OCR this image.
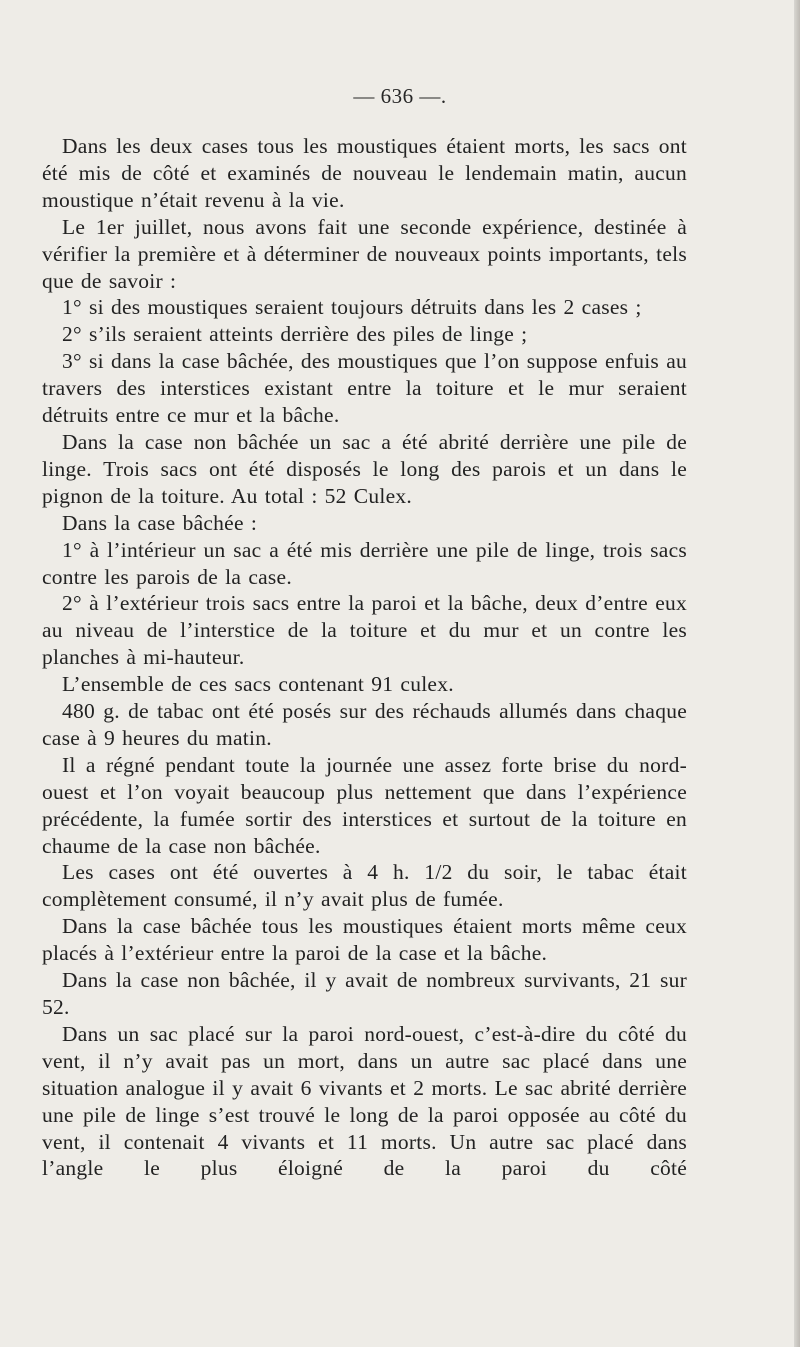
— 636 —.

Dans les deux cases tous les moustiques étaient morts, les sacs ont été mis de côté et examinés de nouveau le lendemain matin, aucun moustique n’était revenu à la vie.

Le 1er juillet, nous avons fait une seconde expérience, destinée à vérifier la première et à déterminer de nouveaux points importants, tels que de savoir :

1° si des moustiques seraient toujours détruits dans les 2 cases ;

2° s’ils seraient atteints derrière des piles de linge ;

3° si dans la case bâchée, des moustiques que l’on suppose enfuis au travers des interstices existant entre la toiture et le mur seraient détruits entre ce mur et la bâche.

Dans la case non bâchée un sac a été abrité derrière une pile de linge. Trois sacs ont été disposés le long des parois et un dans le pignon de la toiture. Au total : 52 Culex.

Dans la case bâchée :

1° à l’intérieur un sac a été mis derrière une pile de linge, trois sacs contre les parois de la case.

2° à l’extérieur trois sacs entre la paroi et la bâche, deux d’entre eux au niveau de l’interstice de la toiture et du mur et un contre les planches à mi-hauteur.

L’ensemble de ces sacs contenant 91 culex.

480 g. de tabac ont été posés sur des réchauds allumés dans chaque case à 9 heures du matin.

Il a régné pendant toute la journée une assez forte brise du nord-ouest et l’on voyait beaucoup plus nettement que dans l’expérience précédente, la fumée sortir des interstices et surtout de la toiture en chaume de la case non bâchée.

Les cases ont été ouvertes à 4 h. 1/2 du soir, le tabac était complètement consumé, il n’y avait plus de fumée.

Dans la case bâchée tous les moustiques étaient morts même ceux placés à l’extérieur entre la paroi de la case et la bâche.

Dans la case non bâchée, il y avait de nombreux survivants, 21 sur 52.

Dans un sac placé sur la paroi nord-ouest, c’est-à-dire du côté du vent, il n’y avait pas un mort, dans un autre sac placé dans une situation analogue il y avait 6 vivants et 2 morts. Le sac abrité derrière une pile de linge s’est trouvé le long de la paroi opposée au côté du vent, il contenait 4 vivants et 11 morts. Un autre sac placé dans l’angle le plus éloigné de la paroi du côté
